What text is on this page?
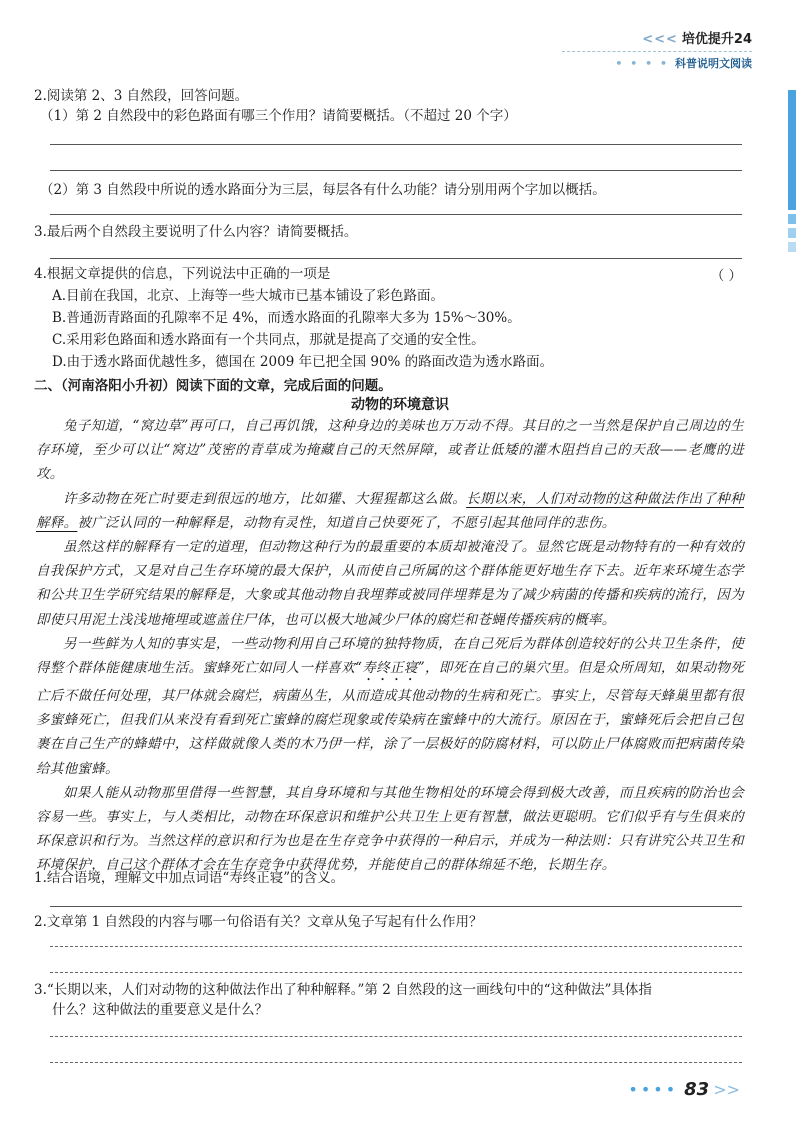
<<< 培优提升24
• • • • 科普说明文阅读
2.阅读第 2、3 自然段，回答问题。
（1）第 2 自然段中的彩色路面有哪三个作用？请简要概括。（不超过 20 个字）
（2）第 3 自然段中所说的透水路面分为三层，每层各有什么功能？请分别用两个字加以概括。
3.最后两个自然段主要说明了什么内容？请简要概括。
4.根据文章提供的信息，下列说法中正确的一项是	（ ）
A.目前在我国，北京、上海等一些大城市已基本铺设了彩色路面。
B.普通沥青路面的孔隙率不足 4%，而透水路面的孔隙率大多为 15%～30%。
C.采用彩色路面和透水路面有一个共同点，那就是提高了交通的安全性。
D.由于透水路面优越性多，德国在 2009 年已把全国 90% 的路面改造为透水路面。
二、（河南洛阳小升初）阅读下面的文章，完成后面的问题。
动物的环境意识

兔子知道，“窝边草”再可口，自己再饥饿，这种身边的美味也万万动不得。其目的之一当然是保护自己周边的生存环境，至少可以让“窝边”茂密的青草成为掩藏自己的天然屏障，或者让低矮的灌木阻挡自己的天敌——老鹰的进攻。

许多动物在死亡时要走到很远的地方，比如獾、大猩猩都这么做。长期以来，人们对动物的这种做法作出了种种解释。被广泛认同的一种解释是，动物有灵性，知道自己快要死了，不愿引起其他同伴的悲伤。

虽然这样的解释有一定的道理，但动物这种行为的最重要的本质却被淹没了。显然它既是动物特有的一种有效的自我保护方式，又是对自己生存环境的最大保护，从而使自己所属的这个群体能更好地生存下去。近年来环境生态学和公共卫生学研究结果的解释是，大象或其他动物自我埋葬或被同伴埋葬是为了减少病菌的传播和疾病的流行，因为即使只用泥土浅浅地掩埋或遮盖住尸体，也可以极大地减少尸体的腐烂和苍蝇传播疾病的概率。

另一些鲜为人知的事实是，一些动物利用自己环境的独特物质，在自己死后为群体创造较好的公共卫生条件，使得整个群体能健康地生活。蜜蜂死亡如同人一样喜欢“寿终正寝”，即死在自己的巢穴里。但是众所周知，如果动物死亡后不做任何处理，其尸体就会腐烂，病菌丛生，从而造成其他动物的生病和死亡。事实上，尽管每天蜂巢里都有很多蜜蜂死亡，但我们从来没有看到死亡蜜蜂的腐烂现象或传染病在蜜蜂中的大流行。原因在于，蜜蜂死后会把自己包裹在自己生产的蜂蜡中，这样做就像人类的木乃伊一样，涂了一层极好的防腐材料，可以防止尸体腐败而把病菌传染给其他蜜蜂。

如果人能从动物那里借得一些智慧，其自身环境和与其他生物相处的环境会得到极大改善，而且疾病的防治也会容易一些。事实上，与人类相比，动物在环保意识和维护公共卫生上更有智慧，做法更聪明。它们似乎有与生俱来的环保意识和行为。当然这样的意识和行为也是在生存竞争中获得的一种启示，并成为一种法则：只有讲究公共卫生和环境保护，自己这个群体才会在生存竞争中获得优势，并能使自己的群体绵延不绝，长期生存。

1.结合语境，理解文中加点词语“寿终正寝”的含义。
2.文章第 1 自然段的内容与哪一句俗语有关？文章从兔子写起有什么作用？
3.“长期以来，人们对动物的这种做法作出了种种解释。”第 2 自然段的这一画线句中的“这种做法”具体指
什么？这种做法的重要意义是什么？
•••• 83 >>
